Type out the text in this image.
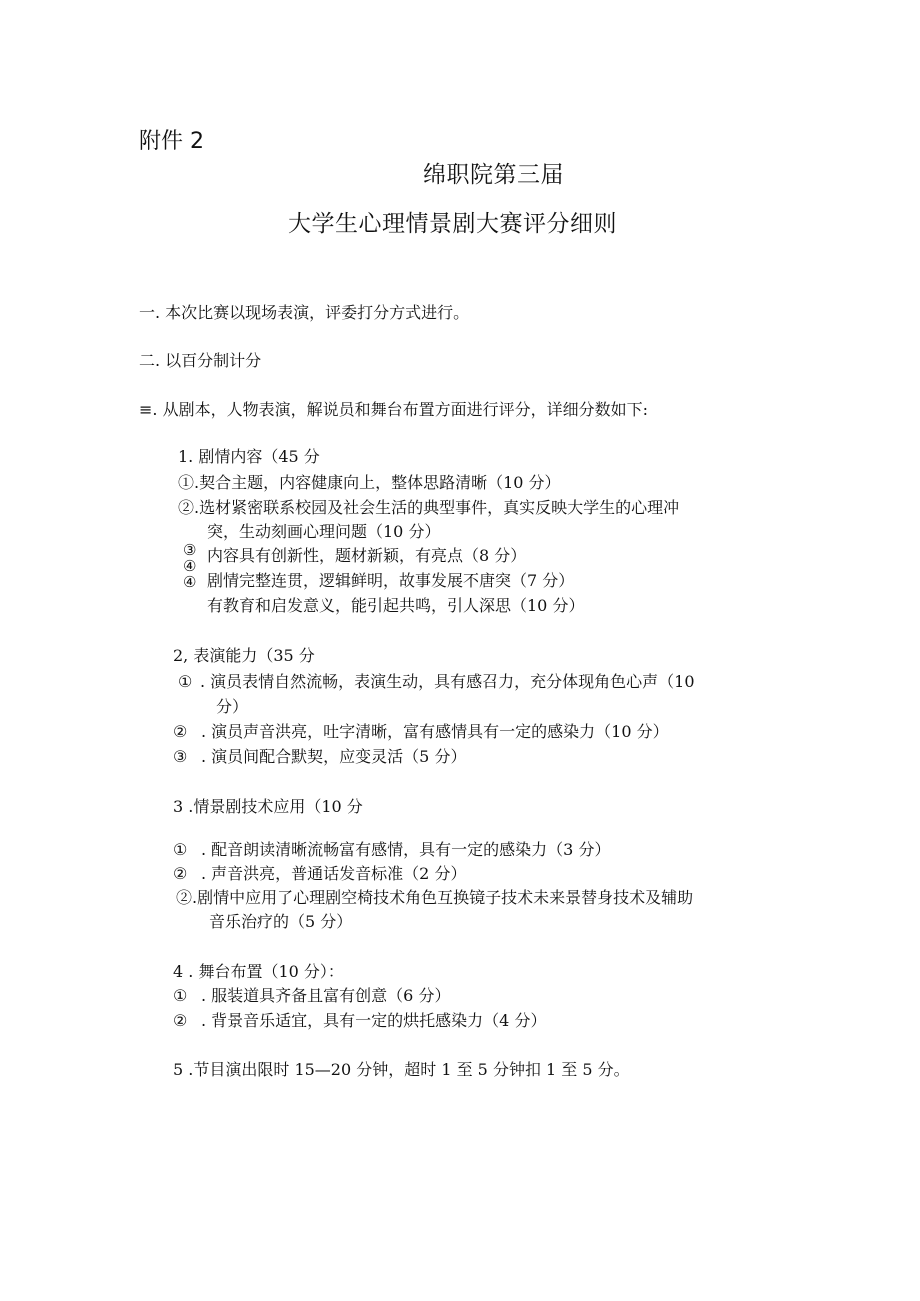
附件 2
绵职院第三届
大学生心理情景剧大赛评分细则
一. 本次比赛以现场表演，评委打分方式进行。
二. 以百分制计分
≡. 从剧本，人物表演，解说员和舞台布置方面进行评分，详细分数如下:
1. 剧情内容（45 分
①.契合主题，内容健康向上，整体思路清晰（10 分）
②.选材紧密联系校园及社会生活的典型事件，真实反映大学生的心理冲
突，生动刻画心理问题（10 分）
③
④
④
内容具有创新性，题材新颖，有亮点（8 分）
剧情完整连贯，逻辑鲜明，故事发展不唐突（7 分）
有教育和启发意义，能引起共鸣，引人深思（10 分）
2, 表演能力（35 分
① . 演员表情自然流畅，表演生动，具有感召力，充分体现角色心声（10
分）
② . 演员声音洪亮，吐字清晰，富有感情具有一定的感染力（10 分）
③ . 演员间配合默契，应变灵活（5 分）
3 .情景剧技术应用（10 分
① . 配音朗读清晰流畅富有感情，具有一定的感染力（3 分）
② . 声音洪亮，普通话发音标准（2 分）
②.剧情中应用了心理剧空椅技术角色互换镜子技术未来景替身技术及辅助
音乐治疗的（5 分）
4 . 舞台布置（10 分）：
① . 服装道具齐备且富有创意（6 分）
② . 背景音乐适宜，具有一定的烘托感染力（4 分）
5 .节目演出限时 15—20 分钟，超时 1 至 5 分钟扣 1 至 5 分。
